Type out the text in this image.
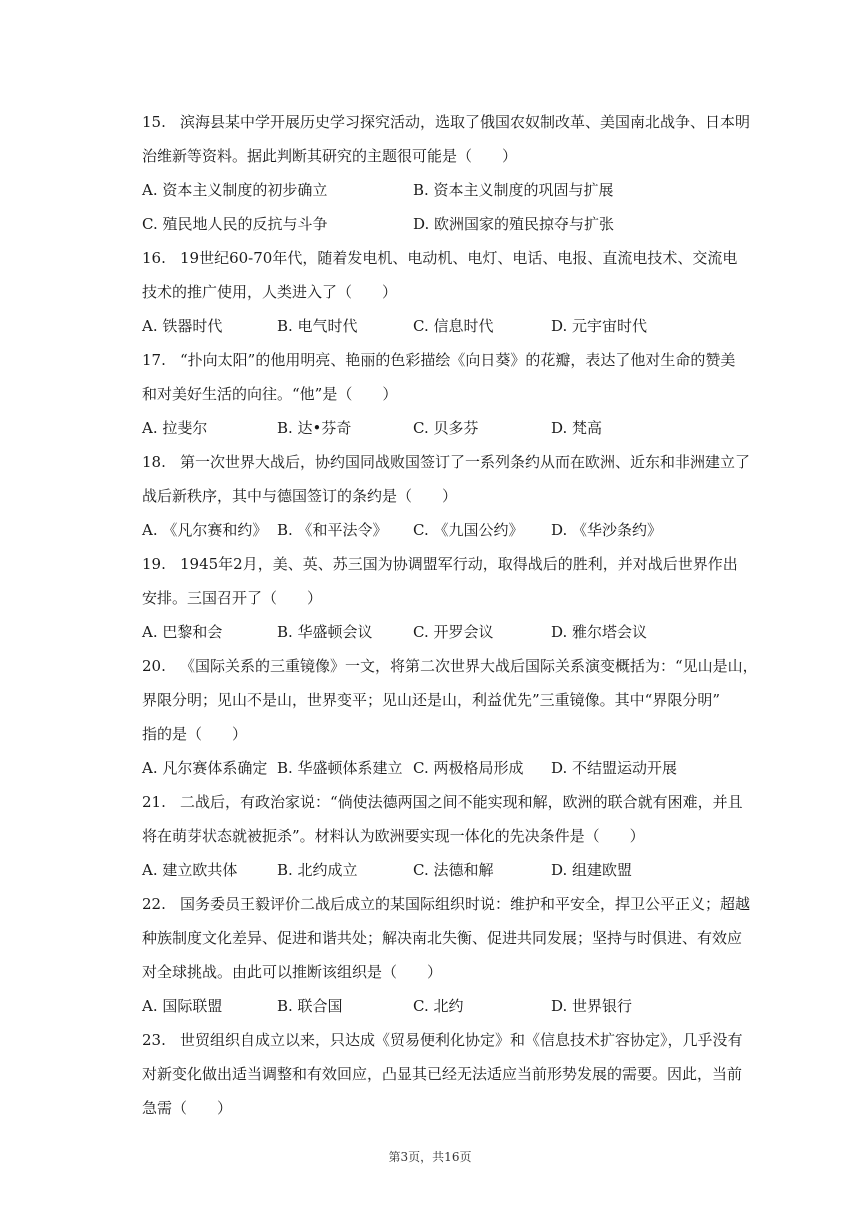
15. 滨海县某中学开展历史学习探究活动，选取了俄国农奴制改革、美国南北战争、日本明
治维新等资料。据此判断其研究的主题很可能是（　　）
A. 资本主义制度的初步确立	B. 资本主义制度的巩固与扩展
C. 殖民地人民的反抗与斗争	D. 欧洲国家的殖民掠夺与扩张
16. 19世纪60-70年代，随着发电机、电动机、电灯、电话、电报、直流电技术、交流电
技术的推广使用，人类进入了（　　）
A. 铁器时代	B. 电气时代	C. 信息时代	D. 元宇宙时代
17. “扑向太阳”的他用明亮、艳丽的色彩描绘《向日葵》的花瓣，表达了他对生命的赞美
和对美好生活的向往。“他”是（　　）
A. 拉斐尔	B. 达•芬奇	C. 贝多芬	D. 梵高
18. 第一次世界大战后，协约国同战败国签订了一系列条约从而在欧洲、近东和非洲建立了
战后新秩序，其中与德国签订的条约是（　　）
A. 《凡尔赛和约》 B. 《和平法令》 C. 《九国公约》 D. 《华沙条约》
19. 1945年2月，美、英、苏三国为协调盟军行动，取得战后的胜利，并对战后世界作出
安排。三国召开了（　　）
A. 巴黎和会	B. 华盛顿会议	C. 开罗会议	D. 雅尔塔会议
20. 《国际关系的三重镜像》一文，将第二次世界大战后国际关系演变概括为：“见山是山，
界限分明；见山不是山，世界变平；见山还是山，利益优先”三重镜像。其中“界限分明”
指的是（　　）
A. 凡尔赛体系确定 B. 华盛顿体系建立 C. 两极格局形成 D. 不结盟运动开展
21. 二战后，有政治家说：“倘使法德两国之间不能实现和解，欧洲的联合就有困难，并且
将在萌芽状态就被扼杀”。材料认为欧洲要实现一体化的先决条件是（　　）
A. 建立欧共体	B. 北约成立	C. 法德和解	D. 组建欧盟
22. 国务委员王毅评价二战后成立的某国际组织时说：维护和平安全，捍卫公平正义；超越
种族制度文化差异、促进和谐共处；解决南北失衡、促进共同发展；坚持与时俱进、有效应
对全球挑战。由此可以推断该组织是（　　）
A. 国际联盟	B. 联合国	C. 北约	D. 世界银行
23. 世贸组织自成立以来，只达成《贸易便利化协定》和《信息技术扩容协定》，几乎没有
对新变化做出适当调整和有效回应，凸显其已经无法适应当前形势发展的需要。因此，当前
急需（　　）
第3页，共16页
